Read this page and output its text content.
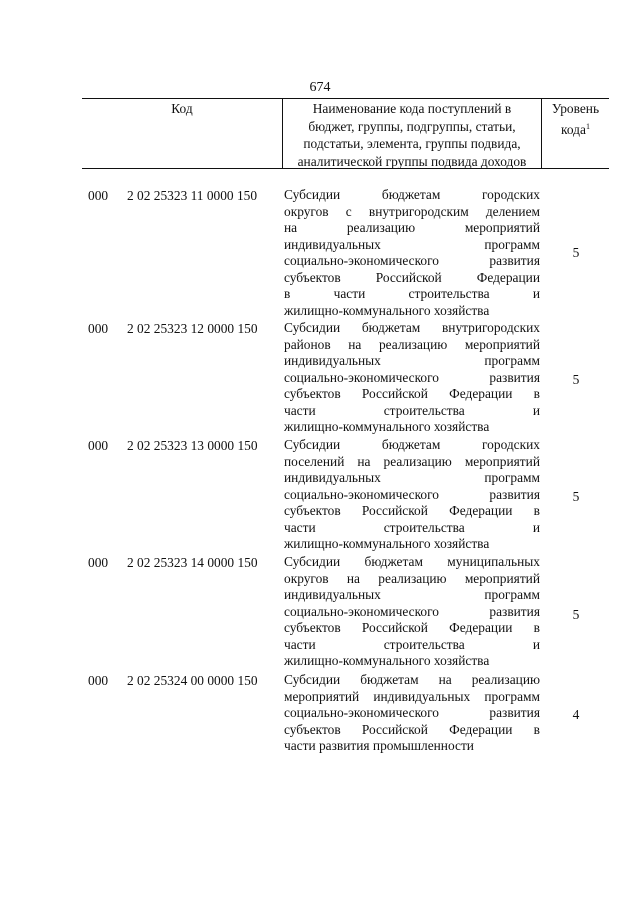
674
Код	Наименование кода поступлений в
бюджет, группы, подгруппы, статьи,
подстатьи, элемента, группы подвида,
аналитической группы подвида доходов
Уровень
кода$^1$
000 2 02 25323 11 0000 150 Субсидии бюджетам городских
округов с внутригородским делением
на реализацию мероприятий
индивидуальных программ
социально-экономического развития
субъектов Российской Федерации
в части строительства и
жилищно-коммунального хозяйства
5
000 2 02 25323 12 0000 150 Субсидии бюджетам внутригородских
районов на реализацию мероприятий
индивидуальных программ
социально-экономического развития
субъектов Российской Федерации в
части строительства и
жилищно-коммунального хозяйства
5
000 2 02 25323 13 0000 150 Субсидии бюджетам городских
поселений на реализацию мероприятий
индивидуальных программ
социально-экономического развития
субъектов Российской Федерации в
части строительства и
жилищно-коммунального хозяйства
5
000 2 02 25323 14 0000 150 Субсидии бюджетам муниципальных
округов на реализацию мероприятий
индивидуальных программ
социально-экономического развития
субъектов Российской Федерации в
части строительства и
жилищно-коммунального хозяйства
5
000 2 02 25324 00 0000 150 Субсидии бюджетам на реализацию
мероприятий индивидуальных программ
социально-экономического развития
субъектов Российской Федерации в
части развития промышленности
4
